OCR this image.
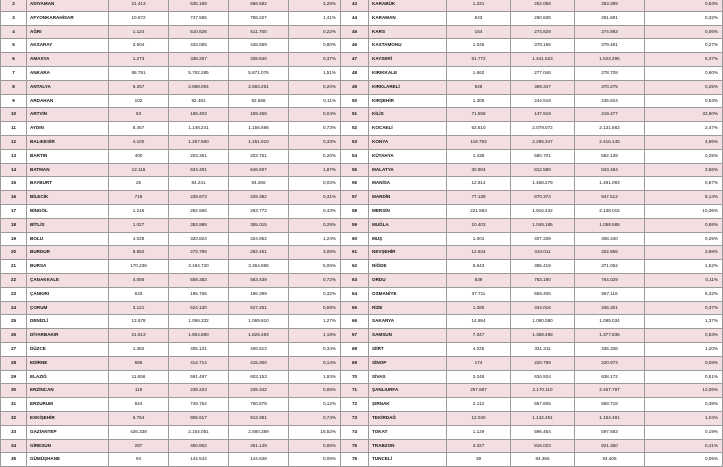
2	ADIYAMAN	21.413	635.169	656.582	3,26%
3	AFYONKARAHİSAR	10.672	747.555	758.227	1,41%
4	AĞRI	1.124	510.626	511.750	0,22%
5	AKSARAY	3.504	433.055	436.559	0,80%
6	AMASYA	1.273	338.267	339.540	0,37%
7	ANKARA	88.791	5.782.285	5.871.076	1,51%
8	ANTALYA	5.257	2.688.004	2.693.261	0,20%
9	ARDAHAN	102	92.481	92.588	0,11%
10	ARTVİN	63	169.403	169.466	0,04%
11	AYDIN	8.457	1.148.241	1.156.698	0,73%
12	BALIKESİR	4.100	1.257.590	1.261.910	0,33%
13	BARTIN	400	203.351	203.751	0,20%
14	BATMAN	12.116	634.491	646.607	1,87%
15	BAYBURT	25	84.241	84.266	0,03%
16	BİLECİK	719	228.673	229.392	0,31%
17	BİNGÖL	1.216	282.556	283.772	0,43%
18	BİTLİS	1.027	353.988	355.015	0,29%
19	BOLU	4.028	320.824	324.852	1,24%
20	BURDUR	8.652	273.799	282.451	3,06%
21	BURSA	170.236	3.194.720	3.364.956	5,06%
22	ÇANAKKALE	4.056	559.383	563.439	0,72%
23	ÇANKIRI	633	195.766	196.399	0,32%
24	ÇORUM	3.121	524.130	527.251	0,59%
25	DENİZLİ	13.578	1.056.332	1.069.910	1,27%
26	DİYARBAKIR	21.613	1.804.880	1.826.493	1,18%
27	DÜZCE	1.382	405.131	406.513	0,34%
28	EDİRNE	586	414.714	415.300	0,14%
29	ELAZIĞ	11.656	591.497	603.153	1,93%
30	ERZİNCAN	119	239.223	239.342	0,05%
31	ERZURUM	924	749.754	750.678	0,12%
32	ESKİŞEHİR	6.764	906.617	913.381	0,74%
33	GAZİANTEP	426.338	2.154.051	2.580.389	16,52%
34	GİRESUN	287	450.862	451.149	0,06%
35	GÜMÜŞHANE	94	144.544	144.638	0,06%
43	KARABÜK	1.331	252.058	253.389	0,53%
44	KARAMAN	843	260.838	261.681	0,32%
45	KARS	154	274.829	274.983	0,06%
46	KASTAMONU	1.026	378.155	379.481	0,27%
47	KAYSERİ	81.772	1.441.523	1.523.295	5,37%
48	KIRIKKALE	1.662	277.046	278.708	0,60%
49	KIRKLARELİ	928	369.347	370.275	0,25%
50	KIRŞEHİR	1.305	244.519	245.824	0,53%
51	KİLİS	71.558	147.919	219.477	32,60%
52	KOCAELİ	52.610	2.079.072	2.131.682	2,47%
53	KONYA	119.793	2.296.347	2.416.140	4,96%
54	KÜTAHYA	1.438	580.701	582.139	0,25%
55	MALATYA	30.904	812.580	843.484	3,66%
56	MANİSA	12.814	1.468.279	1.481.093	0,87%
57	MARDİN	77.138	870.374	947.512	8,14%
58	MERSİN	221.583	1.916.432	2.138.015	10,36%
59	MUĞLA	10.403	1.048.185	1.058.588	0,98%
60	MUŞ	1.001	407.339	408.340	0,25%
61	NEVŞEHİR	12.844	310.011	322.855	3,98%
62	NİĞDE	5.643	365.419	371.062	1,52%
63	ORDU	839	763.190	764.029	0,11%
64	OSMANİYE	37.711	559.405	597.116	6,32%
65	RİZE	1.285	344.016	345.301	0,37%
66	SAKARYA	14.954	1.080.080	1.095.034	1,37%
67	SAMSUN	7.347	1.368.488	1.377.835	0,53%
68	SİİRT	4.025	331.311	335.336	1,20%
69	SİNOP	174	220.799	220.973	0,08%
70	SİVAS	3.248	634.924	638.172	0,51%
71	ŞANLIURFA	297.687	2.170.110	2.467.797	12,06%
72	ŞIRNAK	2.113	557.605	559.718	0,38%
73	TEKİRDAĞ	12.040	1.142.451	1.154.491	1,04%
74	TOKAT	1.129	596.454	597.583	0,19%
75	TRABZON	3.327	818.023	821.350	0,41%
76	TUNCELİ	39	84.366	84.405	0,05%
